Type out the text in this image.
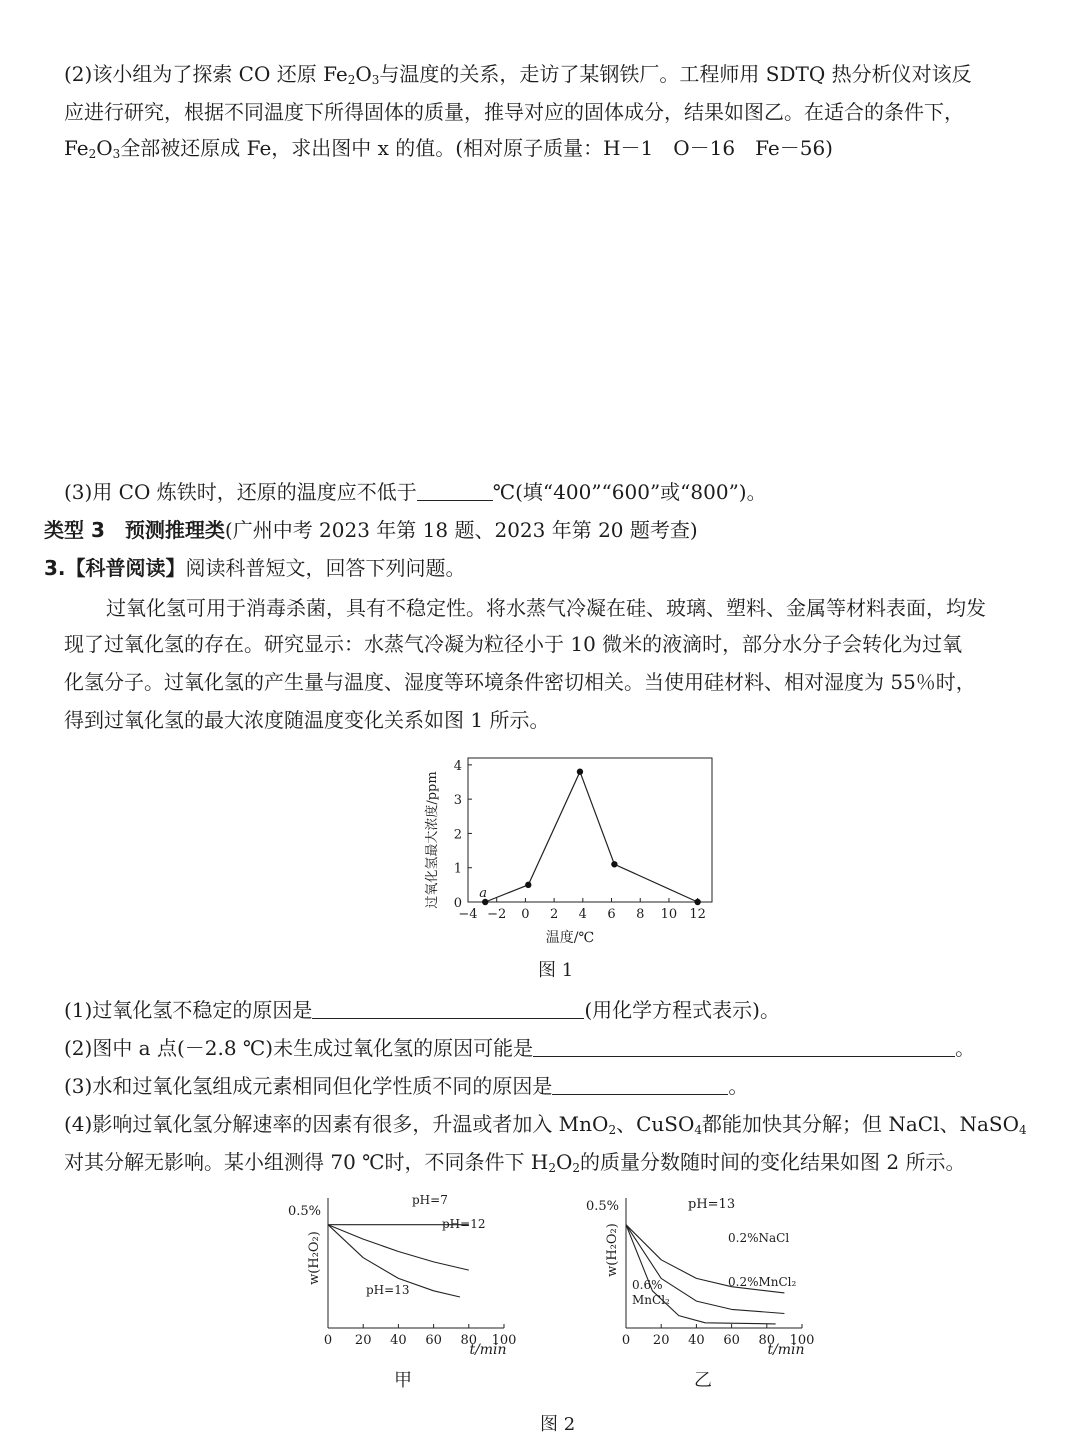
(2)该小组为了探索 CO 还原 $Fe_2O_3$与温度的关系，走访了某钢铁厂。工程师用 SDTQ 热分析仪对该反
应进行研究，根据不同温度下所得固体的质量，推导对应的固体成分，结果如图乙。在适合的条件下，
$Fe_2O_3$全部被还原成 Fe，求出图中 x 的值。(相对原子质量：H－1　O－16　Fe－56)
(3)用 CO 炼铁时，还原的温度应不低于	℃(填“400”“600”或“800”)。
类型 3　预测推理类(广州中考 2023 年第 18 题、2023 年第 20 题考查)
3.【科普阅读】阅读科普短文，回答下列问题。
过氧化氢可用于消毒杀菌，具有不稳定性。将水蒸气冷凝在硅、玻璃、塑料、金属等材料表面，均发
现了过氧化氢的存在。研究显示：水蒸气冷凝为粒径小于 10 微米的液滴时，部分水分子会转化为过氧
化氢分子。过氧化氢的产生量与温度、湿度等环境条件密切相关。当使用硅材料、相对湿度为 55％时，
得到过氧化氢的最大浓度随温度变化关系如图 1 所示。
−4 −2 0 2 4 6 8 10 12
0
1
2
3
4
a
温度/℃
过氧化氢最大浓度/ppm
图 1
(1)过氧化氢不稳定的原因是	(用化学方程式表示)。
(2)图中 a 点(－2.8 ℃)未生成过氧化氢的原因可能是	。
(3)水和过氧化氢组成元素相同但化学性质不同的原因是	。
(4)影响过氧化氢分解速率的因素有很多，升温或者加入 MnO$_2$、CuSO$_4$都能加快其分解；但 NaCl、NaSO$_4$
对其分解无影响。某小组测得 70 ℃时，不同条件下 $H_2O_2$的质量分数随时间的变化结果如图 2 所示。
0 20 40 60 80 100
pH=7
pH=12
pH=13
t/min
w(H₂O₂)
0.5%
甲
0 20 40 60 80 100
0.2%NaCl
0.2%MnCl₂
0.6%
MnCl₂
t/min
w(H₂O₂)
0.5%	pH=13
乙
图 2
